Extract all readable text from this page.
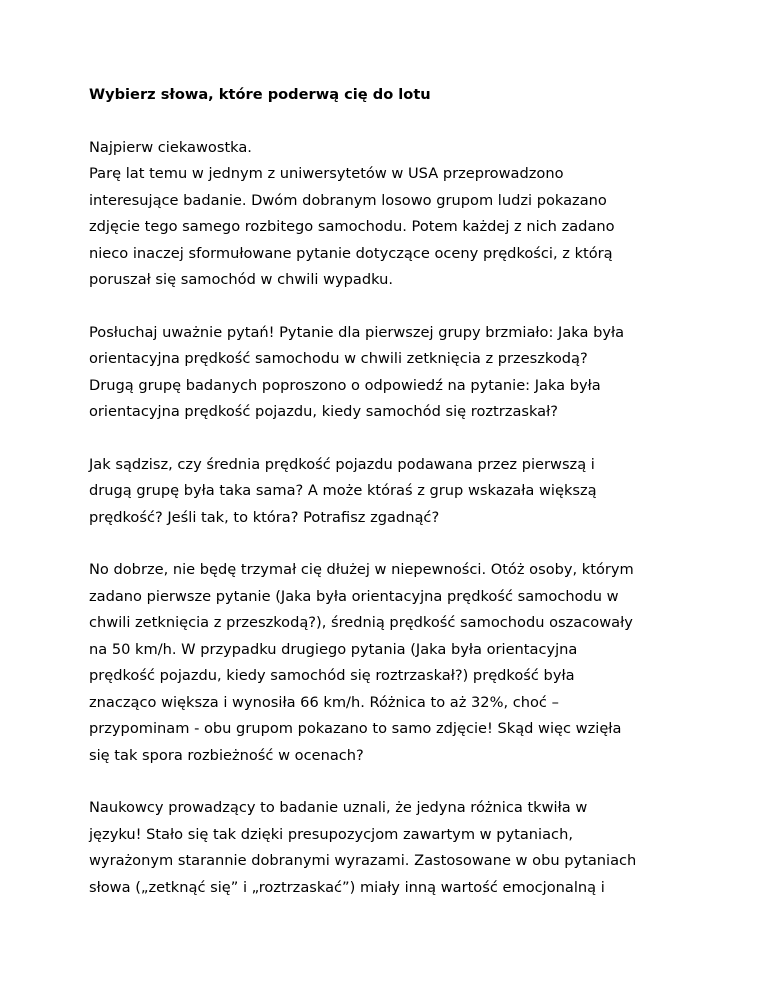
Wybierz słowa, które poderwą cię do lotu
Najpierw ciekawostka.
Parę lat temu w jednym z uniwersytetów w USA przeprowadzono
interesujące badanie. Dwóm dobranym losowo grupom ludzi pokazano
zdjęcie tego samego rozbitego samochodu. Potem każdej z nich zadano
nieco inaczej sformułowane pytanie dotyczące oceny prędkości, z którą
poruszał się samochód w chwili wypadku.
Posłuchaj uważnie pytań! Pytanie dla pierwszej grupy brzmiało: Jaka była
orientacyjna prędkość samochodu w chwili zetknięcia z przeszkodą?
Drugą grupę badanych poproszono o odpowiedź na pytanie: Jaka była
orientacyjna prędkość pojazdu, kiedy samochód się roztrzaskał?
Jak sądzisz, czy średnia prędkość pojazdu podawana przez pierwszą i
drugą grupę była taka sama? A może któraś z grup wskazała większą
prędkość? Jeśli tak, to która? Potrafisz zgadnąć?
No dobrze, nie będę trzymał cię dłużej w niepewności. Otóż osoby, którym
zadano pierwsze pytanie (Jaka była orientacyjna prędkość samochodu w
chwili zetknięcia z przeszkodą?), średnią prędkość samochodu oszacowały
na 50 km/h. W przypadku drugiego pytania (Jaka była orientacyjna
prędkość pojazdu, kiedy samochód się roztrzaskał?) prędkość była
znacząco większa i wynosiła 66 km/h. Różnica to aż 32%, choć –
przypominam - obu grupom pokazano to samo zdjęcie! Skąd więc wzięła
się tak spora rozbieżność w ocenach?
Naukowcy prowadzący to badanie uznali, że jedyna różnica tkwiła w
języku! Stało się tak dzięki presupozycjom zawartym w pytaniach,
wyrażonym starannie dobranymi wyrazami. Zastosowane w obu pytaniach
słowa („zetknąć się” i „roztrzaskać”) miały inną wartość emocjonalną i
